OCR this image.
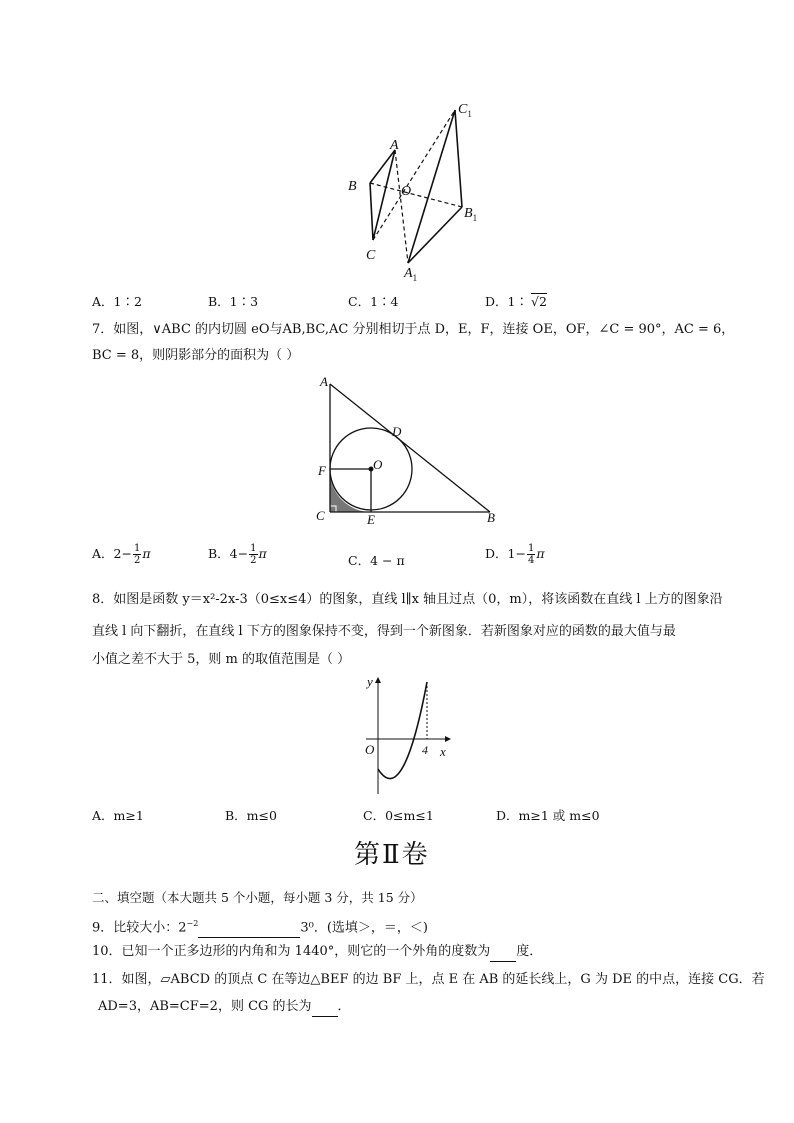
$C_1$
A
B	O
$B_1$
C
$A_1$
A．1∶2	B．1∶3	C．1∶4	D．1∶ √2
7．如图，∨ABC 的内切圆 eO与AB,BC,AC 分别相切于点 D，E，F，连接 OE，OF，∠C = 90°，AC = 6，
BC = 8，则阴影部分的面积为（ ）
A
D
O
F
C	E	B
A．$2- \frac{1}{2}$ π	B．$4- \frac{1}{2}$ π	C．4 − π	D．$1- \frac{1}{4}$ π
8．如图是函数 y＝x²-2x-3（0≤x≤4）的图象，直线 l∥x 轴且过点（0，m），将该函数在直线 l 上方的图象沿
直线 l 向下翻折，在直线 l 下方的图象保持不变，得到一个新图象．若新图象对应的函数的最大值与最
小值之差不大于 5，则 m 的取值范围是（ ）
y
O	4 x
A．m≥1	B．m≤0	C．0≤m≤1	D．m≥1 或 m≤0
第Ⅱ卷
二、填空题（本大题共 5 个小题，每小题 3 分，共 15 分）
9．比较大小：$2^{-2}$	3⁰．(选填＞，＝，＜)
10．已知一个正多边形的内角和为 1440°，则它的一个外角的度数为 度．
11．如图，▱ABCD 的顶点 C 在等边△BEF 的边 BF 上，点 E 在 AB 的延长线上，G 为 DE 的中点，连接 CG．若
AD=3，AB=CF=2，则 CG 的长为 ．
